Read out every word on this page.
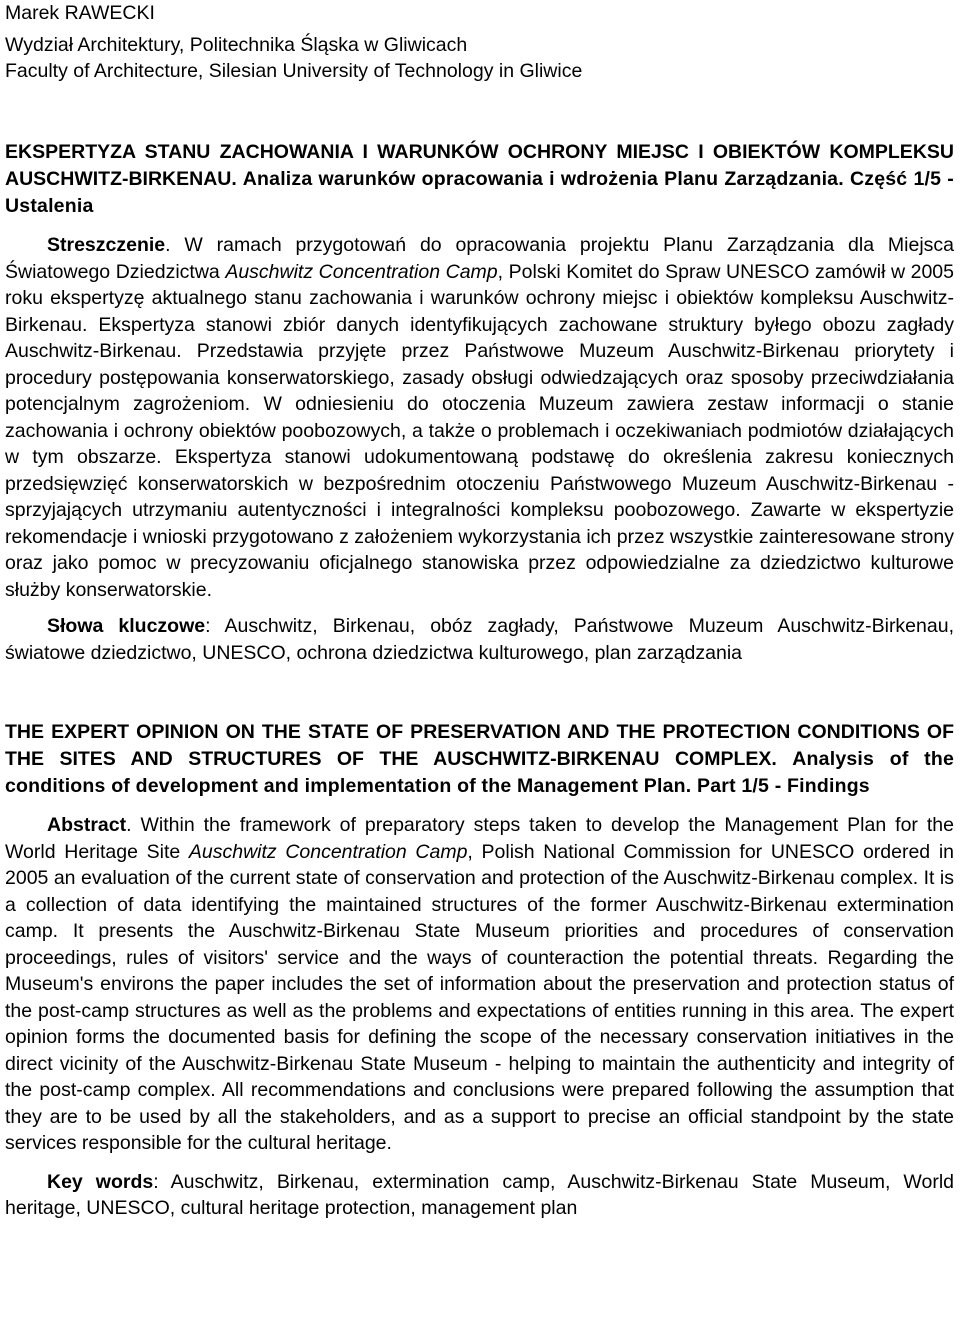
Marek RAWECKI
Wydział Architektury, Politechnika Śląska w Gliwicach
Faculty of Architecture, Silesian University of Technology in Gliwice
EKSPERTYZA STANU ZACHOWANIA I WARUNKÓW OCHRONY MIEJSC I OBIEKTÓW KOMPLEKSU AUSCHWITZ-BIRKENAU. Analiza warunków opracowania i wdrożenia Planu Zarządzania. Część 1/5 - Ustalenia

Streszczenie. W ramach przygotowań do opracowania projektu Planu Zarządzania dla Miejsca Światowego Dziedzictwa Auschwitz Concentration Camp, Polski Komitet do Spraw UNESCO zamówił w 2005 roku ekspertyzę aktualnego stanu zachowania i warunków ochrony miejsc i obiektów kompleksu Auschwitz-Birkenau. Ekspertyza stanowi zbiór danych identyfikujących zachowane struktury byłego obozu zagłady Auschwitz-Birkenau. Przedstawia przyjęte przez Państwowe Muzeum Auschwitz-Birkenau priorytety i procedury postępowania konserwatorskiego, zasady obsługi odwiedzających oraz sposoby przeciwdziałania potencjalnym zagrożeniom. W odniesieniu do otoczenia Muzeum zawiera zestaw informacji o stanie zachowania i ochrony obiektów poobozowych, a także o problemach i oczekiwaniach podmiotów działających w tym obszarze. Ekspertyza stanowi udokumentowaną podstawę do określenia zakresu koniecznych przedsięwzięć konserwatorskich w bezpośrednim otoczeniu Państwowego Muzeum Auschwitz-Birkenau - sprzyjających utrzymaniu autentyczności i integralności kompleksu poobozowego. Zawarte w ekspertyzie rekomendacje i wnioski przygotowano z założeniem wykorzystania ich przez wszystkie zainteresowane strony oraz jako pomoc w precyzowaniu oficjalnego stanowiska przez odpowiedzialne za dziedzictwo kulturowe służby konserwatorskie.

Słowa kluczowe: Auschwitz, Birkenau, obóz zagłady, Państwowe Muzeum Auschwitz-Birkenau, światowe dziedzictwo, UNESCO, ochrona dziedzictwa kulturowego, plan zarządzania

THE EXPERT OPINION ON THE STATE OF PRESERVATION AND THE PROTECTION CONDITIONS OF THE SITES AND STRUCTURES OF THE AUSCHWITZ-BIRKENAU COMPLEX. Analysis of the conditions of development and implementation of the Management Plan. Part 1/5 - Findings

Abstract. Within the framework of preparatory steps taken to develop the Management Plan for the World Heritage Site Auschwitz Concentration Camp, Polish National Commission for UNESCO ordered in 2005 an evaluation of the current state of conservation and protection of the Auschwitz-Birkenau complex. It is a collection of data identifying the maintained structures of the former Auschwitz-Birkenau extermination camp. It presents the Auschwitz-Birkenau State Museum priorities and procedures of conservation proceedings, rules of visitors' service and the ways of counteraction the potential threats. Regarding the Museum's environs the paper includes the set of information about the preservation and protection status of the post-camp structures as well as the problems and expectations of entities running in this area. The expert opinion forms the documented basis for defining the scope of the necessary conservation initiatives in the direct vicinity of the Auschwitz-Birkenau State Museum - helping to maintain the authenticity and integrity of the post-camp complex. All recommendations and conclusions were prepared following the assumption that they are to be used by all the stakeholders, and as a support to precise an official standpoint by the state services responsible for the cultural heritage.

Key words: Auschwitz, Birkenau, extermination camp, Auschwitz-Birkenau State Museum, World heritage, UNESCO, cultural heritage protection, management plan
